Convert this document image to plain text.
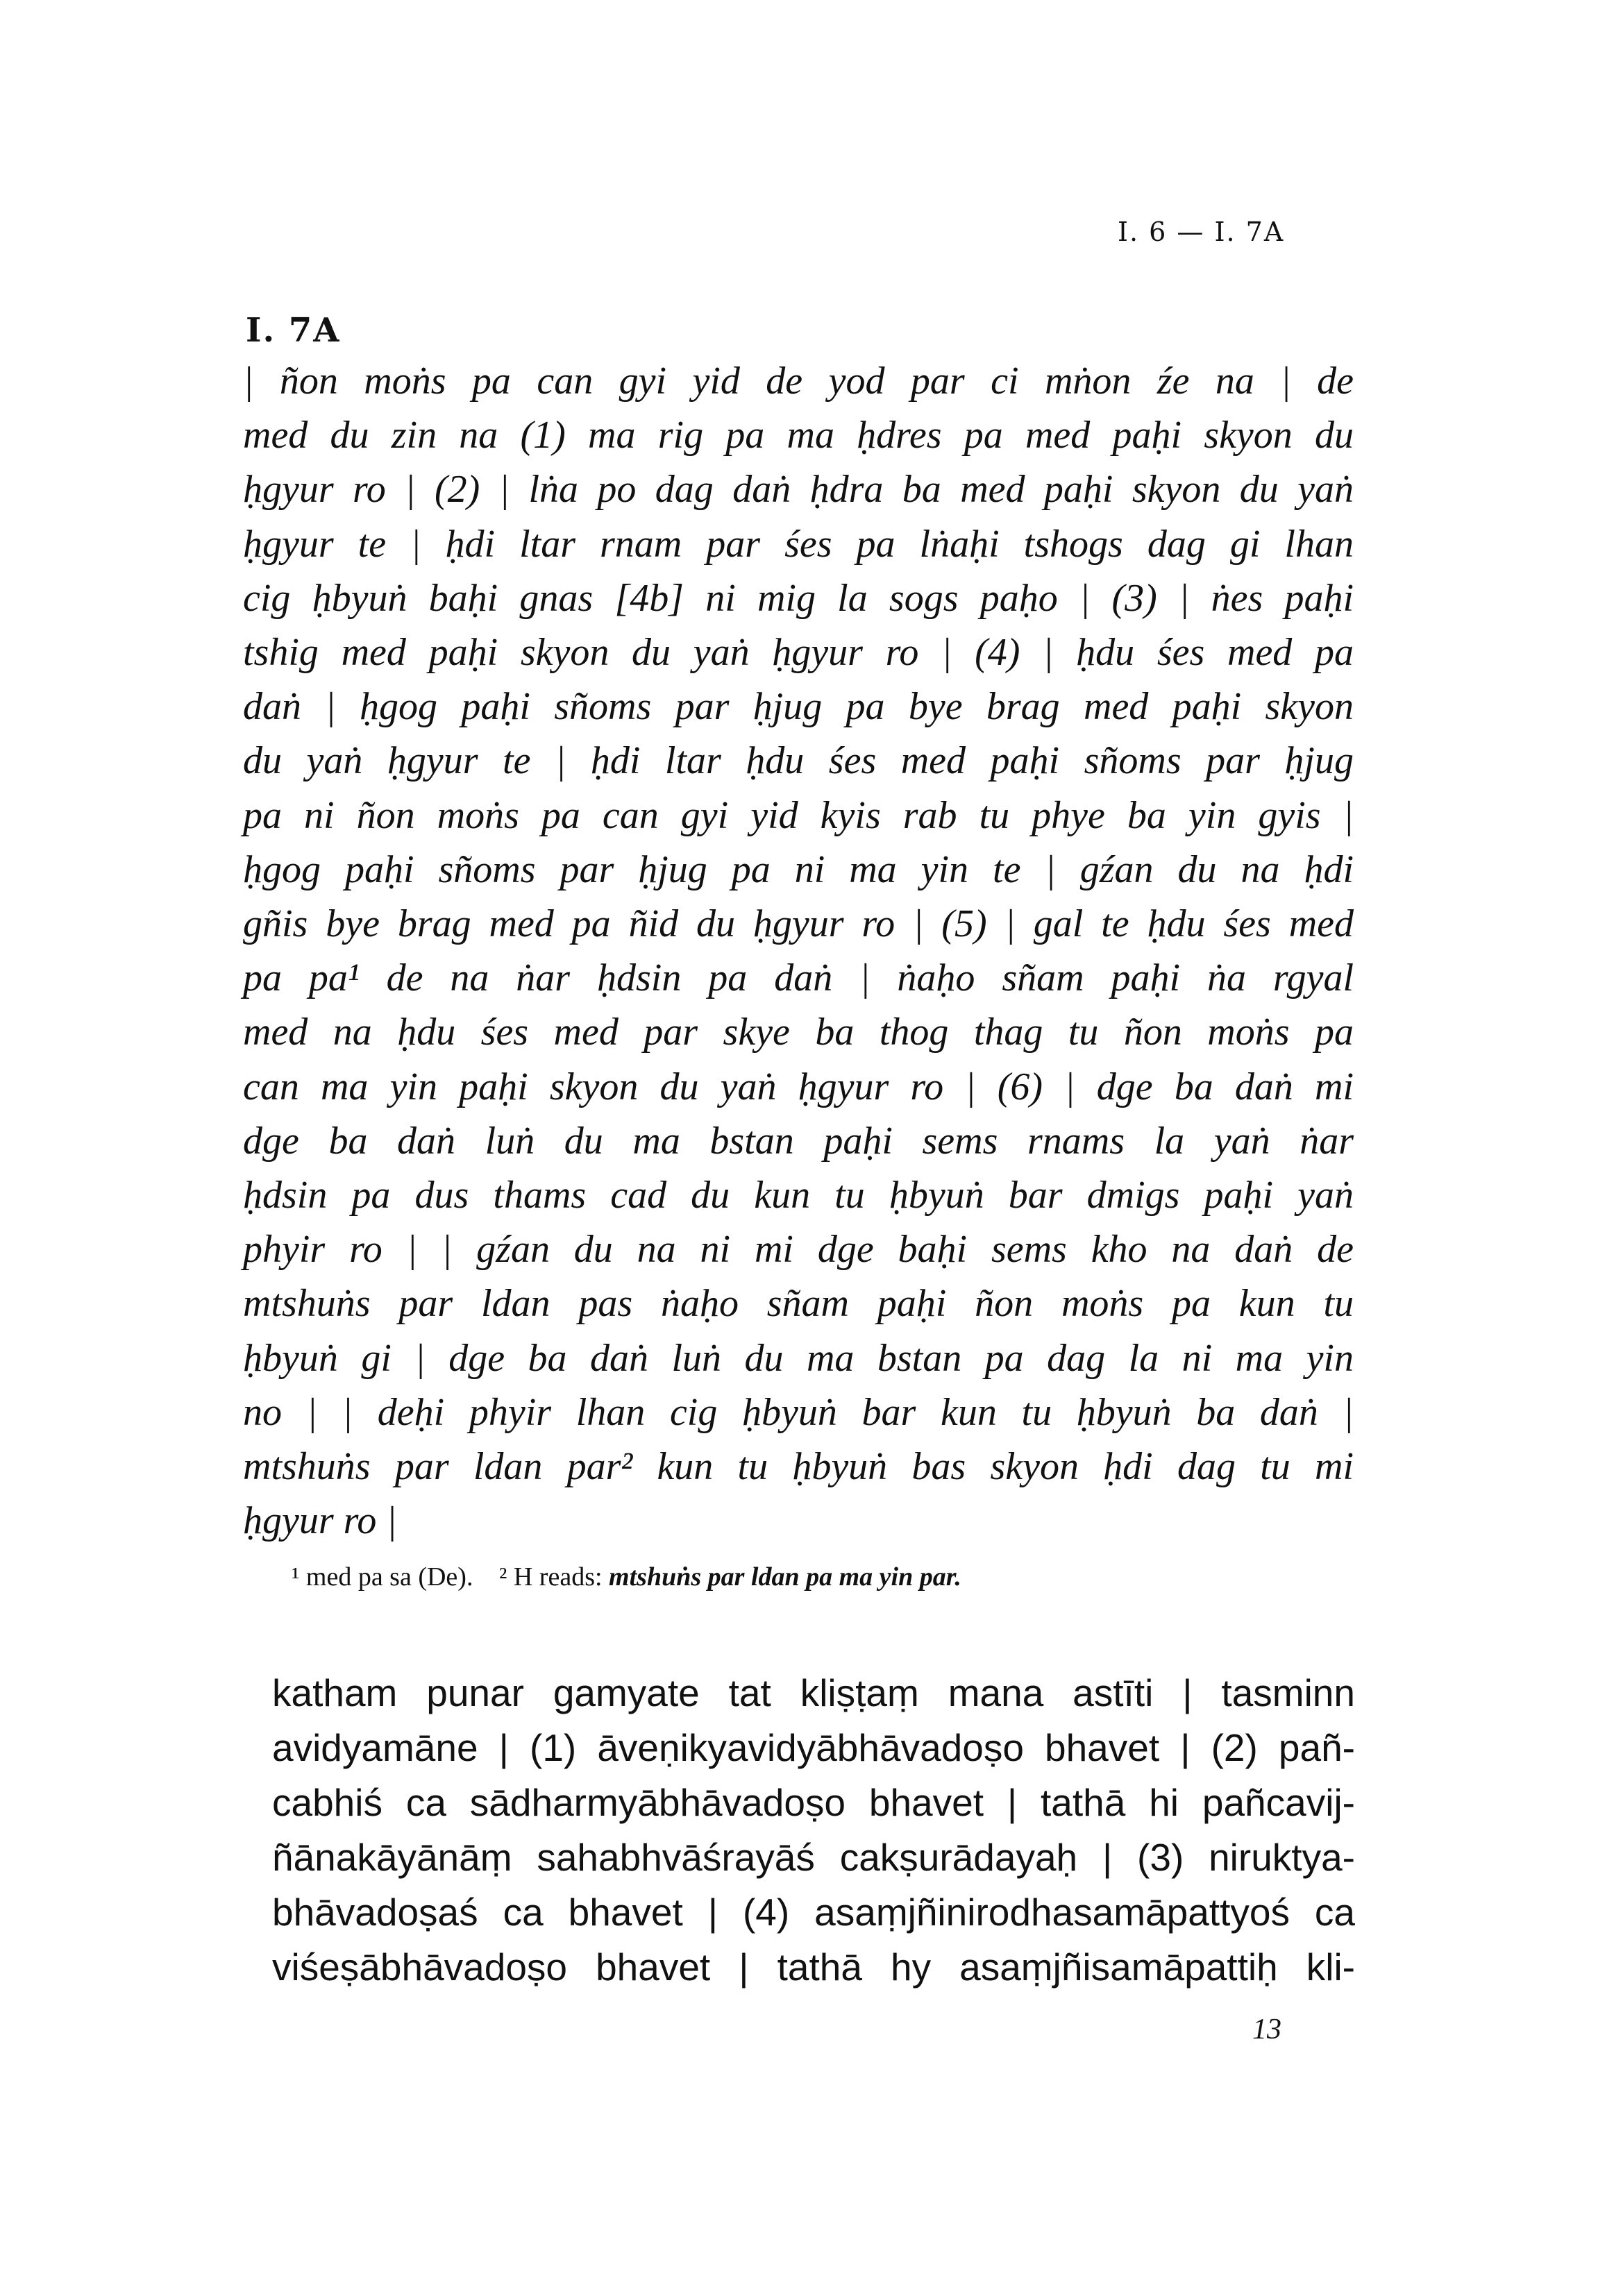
I. 6 — I. 7A
I. 7A
| ñon moṅs pa can gyi yid de yod par ci mṅon źe na | de
med du zin na (1) ma rig pa ma ḥdres pa med paḥi skyon du
ḥgyur ro | (2) | lṅa po dag daṅ ḥdra ba med paḥi skyon du yaṅ
ḥgyur te | ḥdi ltar rnam par śes pa lṅaḥi tshogs dag gi lhan
cig ḥbyuṅ baḥi gnas [4b] ni mig la sogs paḥo | (3) | ṅes paḥi
tshig med paḥi skyon du yaṅ ḥgyur ro | (4) | ḥdu śes med pa
daṅ | ḥgog paḥi sñoms par ḥjug pa bye brag med paḥi skyon
du yaṅ ḥgyur te | ḥdi ltar ḥdu śes med paḥi sñoms par ḥjug
pa ni ñon moṅs pa can gyi yid kyis rab tu phye ba yin gyis |
ḥgog paḥi sñoms par ḥjug pa ni ma yin te | gźan du na ḥdi
gñis bye brag med pa ñid du ḥgyur ro | (5) | gal te ḥdu śes med
pa pa¹ de na ṅar ḥdsin pa daṅ | ṅaḥo sñam paḥi ṅa rgyal
med na ḥdu śes med par skye ba thog thag tu ñon moṅs pa
can ma yin paḥi skyon du yaṅ ḥgyur ro | (6) | dge ba daṅ mi
dge ba daṅ luṅ du ma bstan paḥi sems rnams la yaṅ ṅar
ḥdsin pa dus thams cad du kun tu ḥbyuṅ bar dmigs paḥi yaṅ
phyir ro | | gźan du na ni mi dge baḥi sems kho na daṅ de
mtshuṅs par ldan pas ṅaḥo sñam paḥi ñon moṅs pa kun tu
ḥbyuṅ gi | dge ba daṅ luṅ du ma bstan pa dag la ni ma yin
no | | deḥi phyir lhan cig ḥbyuṅ bar kun tu ḥbyuṅ ba daṅ |
mtshuṅs par ldan par² kun tu ḥbyuṅ bas skyon ḥdi dag tu mi
ḥgyur ro |
¹ med pa sa (De). ² H reads: mtshuṅs par ldan pa ma yin par.
katham punar gamyate tat kliṣṭaṃ mana astīti | tasminn
avidyamāne | (1) āveṇikyavidyābhāvadoṣo bhavet | (2) pañ-
cabhiś ca sādharmyābhāvadoṣo bhavet | tathā hi pañcavij-
ñānakāyānāṃ sahabhvāśrayāś cakṣurādayaḥ | (3) niruktya-
bhāvadoṣaś ca bhavet | (4) asaṃjñinirodhasamāpattyoś ca
viśeṣābhāvadoṣo bhavet | tathā hy asaṃjñisamāpattiḥ kli-
13
